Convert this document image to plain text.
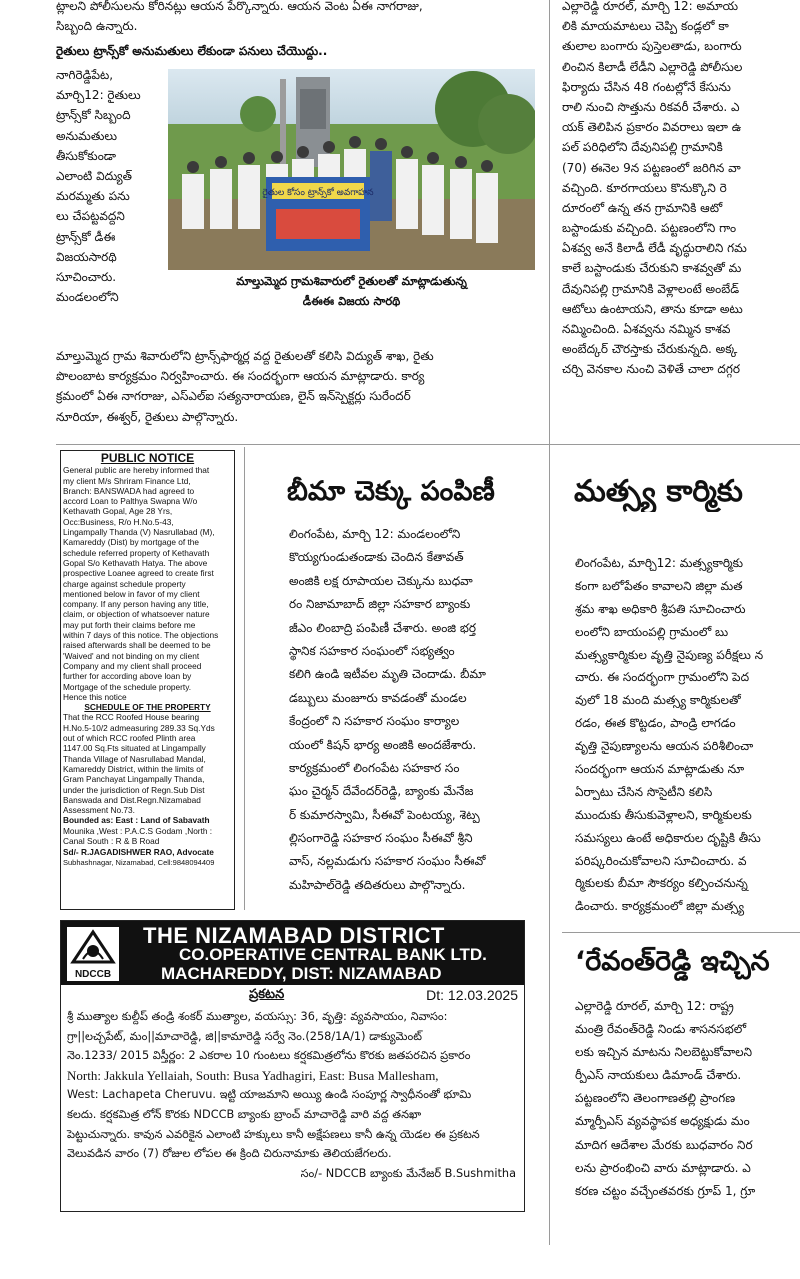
ట్లాలని పోలీసులను కోరినట్లు ఆయన పేర్కొన్నారు. ఆయన వెంట ఏఈ నాగరాజు,
సిబ్బంది ఉన్నారు.
రైతులు ట్రాన్స్‌కో అనుమతులు లేకుండా పనులు చేయొద్దు..
నాగిరెడ్డిపేట,
మార్చి12: రైతులు
ట్రాన్స్‌కో సిబ్బంది
అనుమతులు
తీసుకోకుండా
ఎలాంటి విద్యుత్
మరమ్మతు పను
లు చేపట్టవద్దని
ట్రాన్స్‌కో డీఈ
విజయసారథి
సూచించారు.
మండలంలోని
రైతుల కోసం ట్రాన్స్‌కో అవగాహన
మాల్తుమ్మెద గ్రామశివారులో రైతులతో మాట్లాడుతున్న
డీఈఈ విజయ సారథి
మాల్తుమ్మెద గ్రామ శివారులోని ట్రాన్స్‌ఫార్మర్ల వద్ద రైతులతో కలిసి విద్యుత్ శాఖ, రైతు
పొలంబాట కార్యక్రమం నిర్వహించారు. ఈ సందర్భంగా ఆయన మాట్లాడారు. కార్య
క్రమంలో ఏఈ నాగరాజు, ఎస్‌ఎల్ఐ సత్యనారాయణ, లైన్ ఇన్‌స్పెక్టర్లు సురేందర్
నూరియా, ఈశ్వర్, రైతులు పాల్గొన్నారు.
ఎల్లారెడ్డి రూరల్, మార్చి 12: అమాయ
లికి మాయమాటలు చెప్పి కండ్లలో కా
తులాల బంగారు పుస్తెలతాడు, బంగారు
లించిన కిలాడీ లేడీని ఎల్లారెడ్డి పోలీసుల
ఫిర్యాదు చేసిన 48 గంటల్లోనే కేసును
రాలి నుంచి సొత్తును రికవరీ చేశారు. ఎ
యక్ తెలిపిన ప్రకారం వివరాలు ఇలా ఉ
పల్ పరిధిలోని దేవునిపల్లి గ్రామానికి
(70) ఈనెల 9న పట్టణంలో జరిగిన వా
వచ్చింది. కూరగాయలు కొనుక్కొని రె
దూరంలో ఉన్న తన గ్రామానికి ఆటో
బస్టాండుకు వచ్చింది. పట్టణంలోని గాం
ఏశవ్వ అనే కిలాడీ లేడీ వృద్ధురాలిని గమ
కాలే బస్టాండుకు చేరుకుని కాశవ్వతో మ
దేవునిపల్లి గ్రామానికి వెళ్లాలంటే అంబేడ్
ఆటోలు ఉంటాయని, తాను కూడా అటు
నమ్మించింది. ఏశవ్వను నమ్మిన కాశవ
అంబేద్కర్ చౌరస్తాకు చేరుకున్నది. అక్క
చర్చి వెనకాల నుంచి వెళితే చాలా దగ్గర
PUBLIC NOTICE
General public are hereby informed that
my client M/s Shriram Finance Ltd,
Branch: BANSWADA had agreed to
accord Loan to Palthya Swapna W/o
Kethavath Gopal, Age 28 Yrs,
Occ:Business, R/o H.No.5-43,
Lingampally Thanda (V) Nasrullabad (M),
Kamareddy (Dist) by mortgage of the
schedule referred property of Kethavath
Gopal S/o Kethavath Hatya. The above
prospective Loanee agreed to create first
charge against schedule property
mentioned below in favor of my client
company. If any person having any title,
claim, or objection of whatsoever nature
may put forth their claims before me
within 7 days of this notice. The objections
raised afterwards shall be deemed to be
'Waived' and not binding on my client
Company and my client shall proceed
further for according above loan by
Mortgage of the schedule property.
Hence this notice
SCHEDULE OF THE PROPERTY
That the RCC Roofed House bearing
H.No.5-10/2 admeasuring 289.33 Sq.Yds
out of which RCC roofed Plinth area
1147.00 Sq.Fts situated at Lingampally
Thanda Village of Nasrullabad Mandal,
Kamareddy District, within the limits of
Gram Panchayat Lingampally Thanda,
under the jurisdiction of Regn.Sub Dist
Banswada and Dist.Regn.Nizamabad
Assessment No.73.
Bounded as: East : Land of Sabavath
Mounika ,West : P.A.C.S Godam ,North :
Canal South : R & B Road
Sd/- R.JAGADISHWER RAO, Advocate
Subhashnagar, Nizamabad, Cell:9848094409
బీమా చెక్కు పంపిణీ
లింగంపేట, మార్చి 12: మండలంలోని
కొయ్యగుండుతండాకు చెందిన కేతావత్
అంజికి లక్ష రూపాయల చెక్కును బుధవా
రం నిజామాబాద్ జిల్లా సహకార బ్యాంకు
జీఎం లింబాద్రి పంపిణీ చేశారు. అంజి భర్త
స్థానిక సహకార సంఘంలో సభ్యత్వం
కలిగి ఉండి ఇటీవల మృతి చెందాడు. బీమా
డబ్బులు మంజూరు కావడంతో మండల
కేంద్రంలో ని సహకార సంఘం కార్యాల
యంలో కిషన్ భార్య అంజికి అందజేశారు.
కార్యక్రమంలో లింగంపేట సహకార సం
ఘం చైర్మన్ దేవేందర్‌రెడ్డి, బ్యాంకు మేనేజ
ర్ కుమారస్వామి, సీఈవో పెంటయ్య, శెట్ప
ల్లిసంగారెడ్డి సహకార సంఘం సీఈవో శ్రీని
వాస్, నల్లమడుగు సహకార సంఘం సీఈవో
మహిపాల్‌రెడ్డి తదితరులు పాల్గొన్నారు.
మత్స్య కార్మికు
లింగంపేట, మార్చి12: మత్స్యకార్మికు
కంగా బలోపేతం కావాలని జిల్లా మత
శ్రమ శాఖ అధికారి శ్రీపతి సూచించారు
లంలోని బాయంపల్లి గ్రామంలో బు
మత్స్యకార్మికుల వృత్తి నైపుణ్య పరీక్షలు న
చారు. ఈ సందర్భంగా గ్రామంలోని పెద
వులో 18 మంది మత్స్య కార్మికులతో
రడం, ఈత కొట్టడం, పాండ్రి లాగడం
వృత్తి నైపుణ్యాలను ఆయన పరిశీలించా
సందర్భంగా ఆయన మాట్లాడుతు నూ
ఏర్పాటు చేసిన సొసైటీని కలిసి
ముందుకు తీసుకువెళ్లాలని, కార్మికులకు
సమస్యలు ఉంటే అధికారుల దృష్టికి తీసు
పరిష్కరించుకోవాలని సూచించారు. వ
ర్మికులకు బీమా సౌకర్యం కల్పించనున్న
డించారు. కార్యక్రమంలో జిల్లా మత్స్య
‘రేవంత్‌రెడ్డి ఇచ్చిన
ఎల్లారెడ్డి రూరల్, మార్చి 12: రాష్ట్ర
మంత్రి రేవంత్‌రెడ్డి నిండు శాసనసభలో
లకు ఇచ్చిన మాటను నిలబెట్టుకోవాలని
ర్పీఎస్ నాయకులు డిమాండ్ చేశారు.
పట్టణంలోని తెలంగాణతల్లి ప్రాంగణ
మ్మార్పీఎస్ వ్యవస్థాపక అధ్యక్షుడు మం
మాదిగ ఆదేశాల మేరకు బుధవారం నిర
లను ప్రారంభించి వారు మాట్లాడారు. ఎ
కరణ చట్టం వచ్చేంతవరకు గ్రూప్ 1, గ్రూ
NDCCB
THE NIZAMABAD DISTRICT
CO.OPERATIVE CENTRAL BANK LTD.
MACHAREDDY, DIST: NIZAMABAD
ప్రకటన	Dt: 12.03.2025
శ్రీ ముత్యాల కుల్దీప్ తండ్రి శంకర్ ముత్యాల, వయస్సు: 36, వృత్తి: వ్యవసాయం, నివాసం:
గ్రా||లచ్చపేట్, మం||మాచారెడ్డి, జి||కామారెడ్డి సర్వే నెం.(258/1A/1) డాక్యుమెంట్
నెం.1233/ 2015 విస్తీర్ణం: 2 ఎకరాల 10 గుంటలు కర్షకమిత్రలోను కొరకు జతపరచిన ప్రకారం
North: Jakkula Yellaiah, South: Busa Yadhagiri, East: Busa Mallesham,
West: Lachapeta Cheruvu. ఇట్టి యాజమాని అయ్యి ఉండి సంపూర్ణ స్వాధీనంతో భూమి
కలదు. కర్షకమిత్ర లోన్ కొరకు NDCCB బ్యాంకు బ్రాంచ్ మాచారెడ్డి వారి వద్ద తనఖా
పెట్టుచున్నారు. కావున ఎవరికైన ఎలాంటి హక్కులు కానీ అక్షేపణలు కానీ ఉన్న యెడల ఈ ప్రకటన
వెలువడిన వారం (7) రోజుల లోపల ఈ క్రింది చిరునామాకు తెలియజేగలరు.
సం/- NDCCB బ్యాంకు మేనేజర్ B.Sushmitha
